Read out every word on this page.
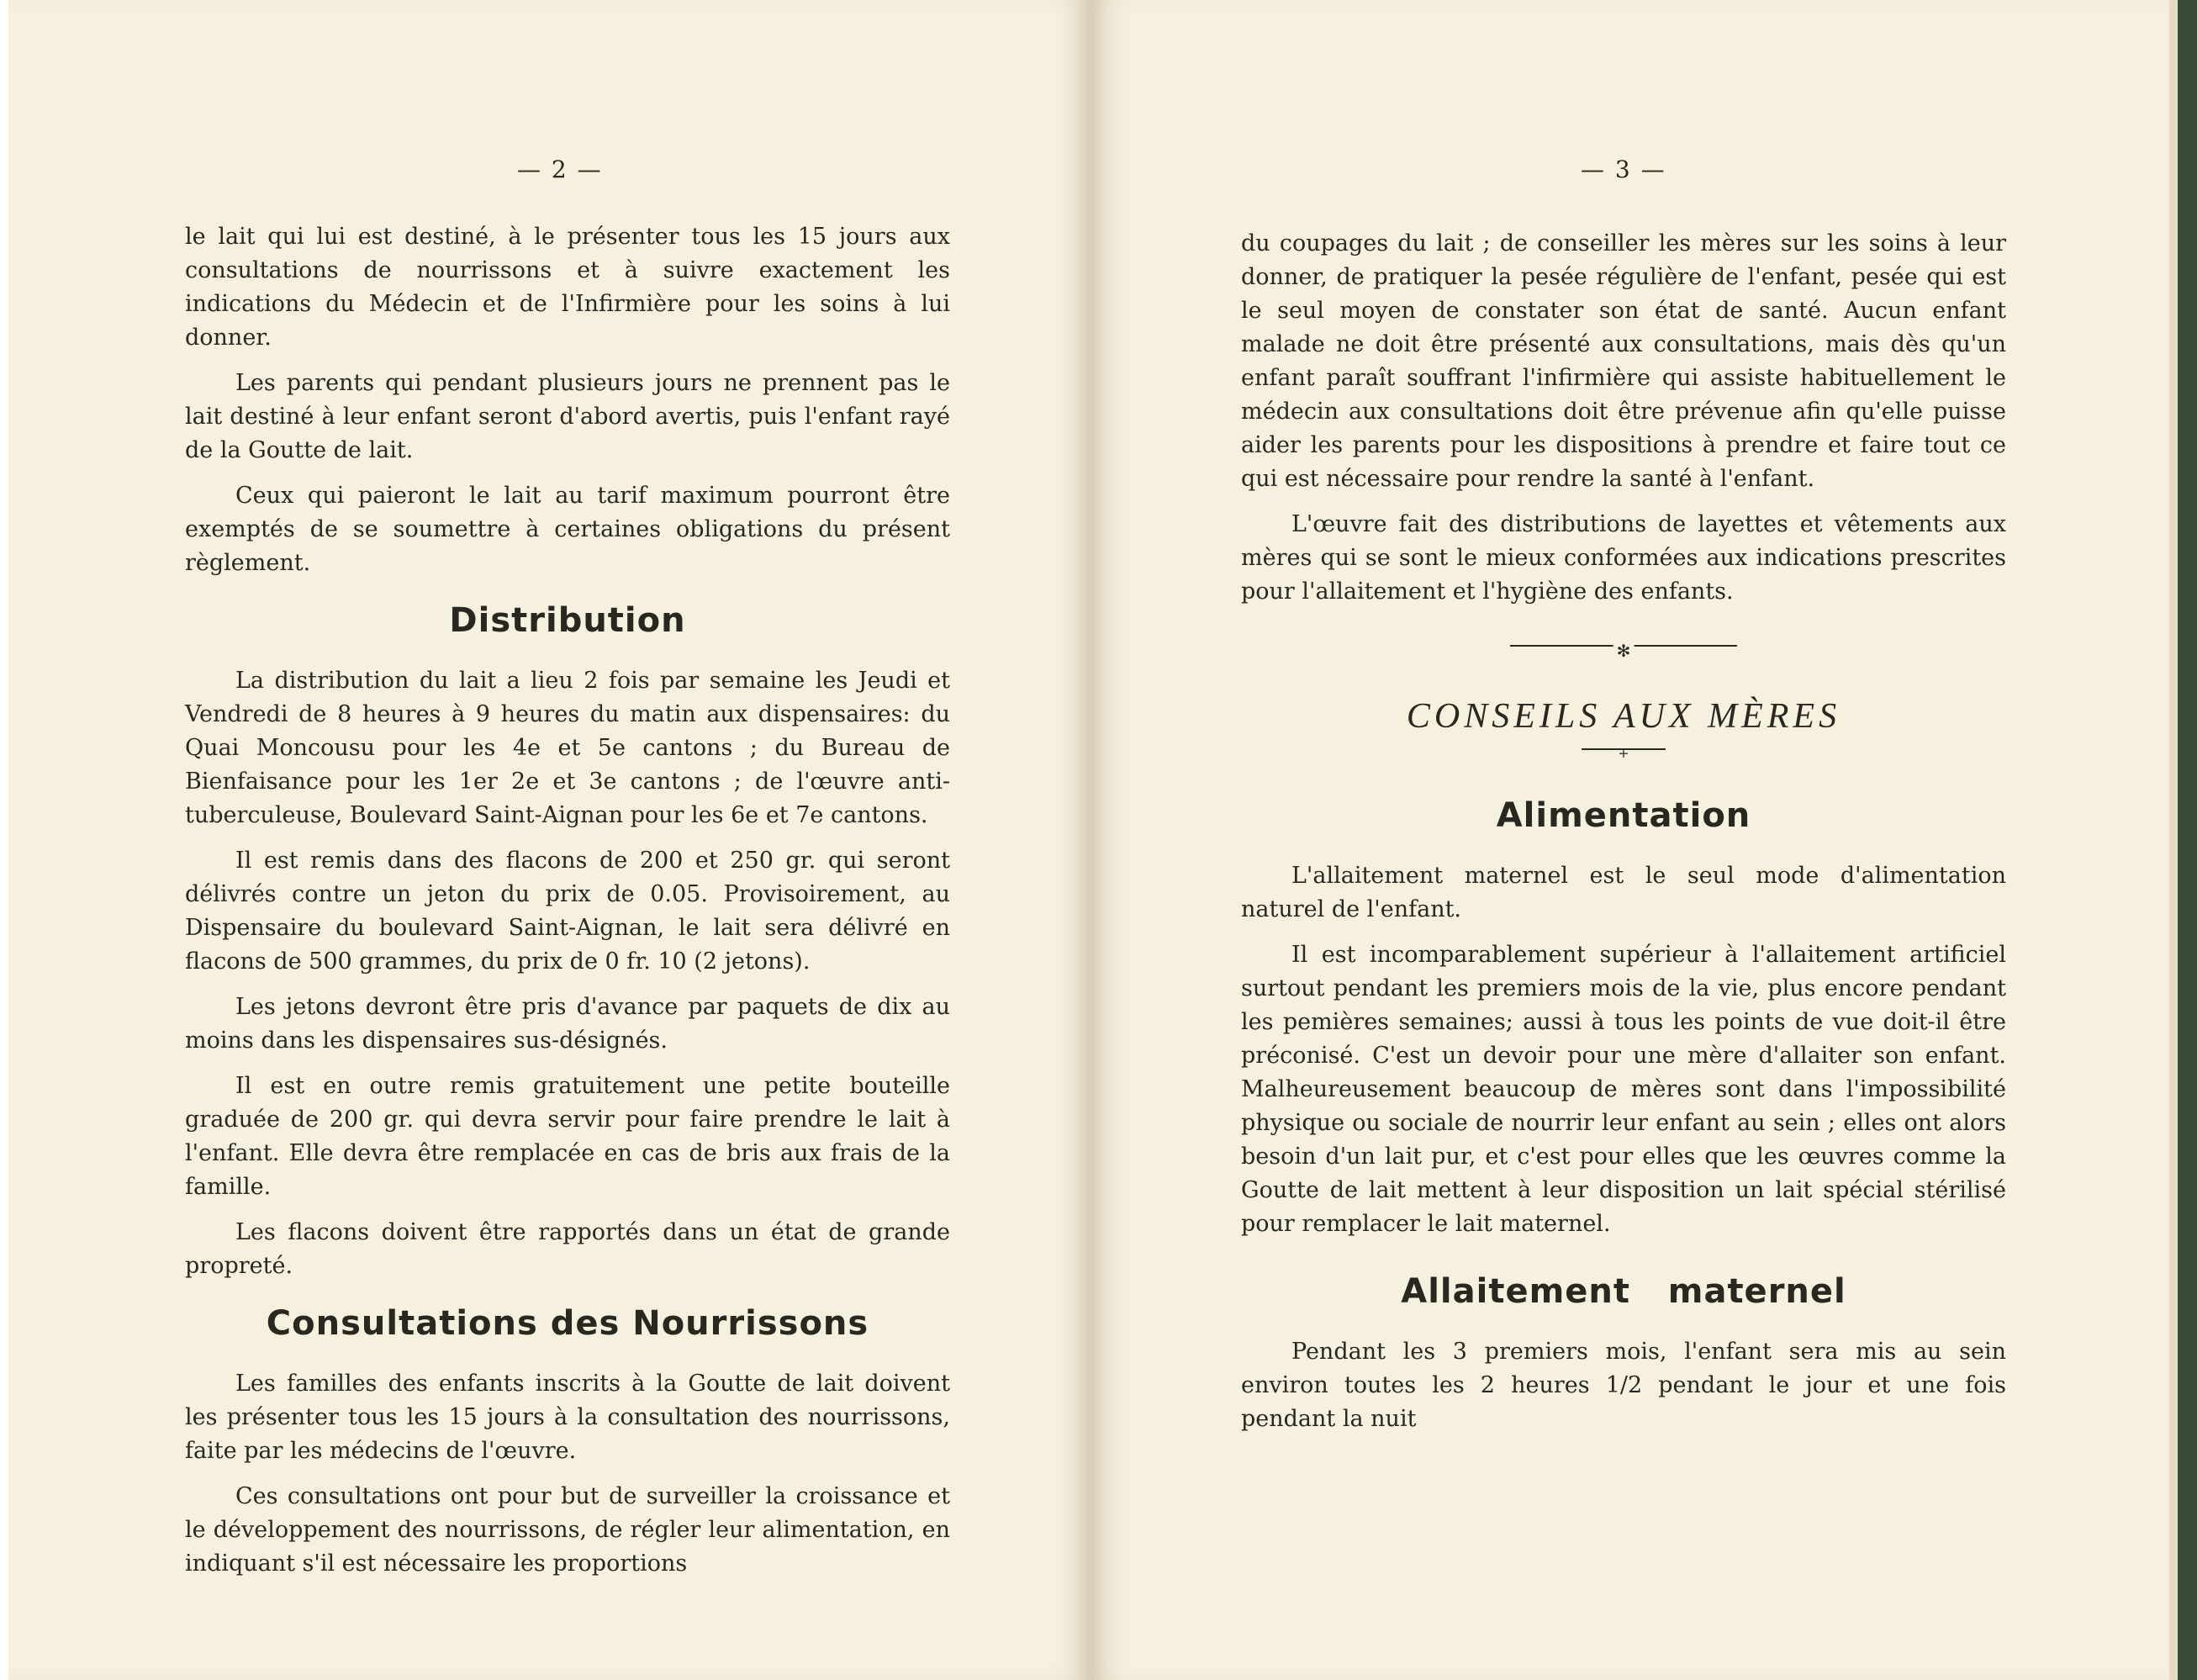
— 2 —

le lait qui lui est destiné, à le présenter tous les 15 jours aux consultations de nourrissons et à suivre exactement les indications du Médecin et de l'Infirmière pour les soins à lui donner.

Les parents qui pendant plusieurs jours ne prennent pas le lait destiné à leur enfant seront d'abord avertis, puis l'enfant rayé de la Goutte de lait.

Ceux qui paieront le lait au tarif maximum pourront être exemptés de se soumettre à certaines obligations du présent règlement.

Distribution

La distribution du lait a lieu 2 fois par semaine les Jeudi et Vendredi de 8 heures à 9 heures du matin aux dispensaires: du Quai Moncousu pour les 4e et 5e cantons ; du Bureau de Bienfaisance pour les 1er 2e et 3e cantons ; de l'œuvre anti-tuberculeuse, Boulevard Saint-Aignan pour les 6e et 7e cantons.

Il est remis dans des flacons de 200 et 250 gr. qui seront délivrés contre un jeton du prix de 0.05. Provisoirement, au Dispensaire du boulevard Saint-Aignan, le lait sera délivré en flacons de 500 grammes, du prix de 0 fr. 10 (2 jetons).

Les jetons devront être pris d'avance par paquets de dix au moins dans les dispensaires sus-désignés.

Il est en outre remis gratuitement une petite bouteille graduée de 200 gr. qui devra servir pour faire prendre le lait à l'enfant. Elle devra être remplacée en cas de bris aux frais de la famille.

Les flacons doivent être rapportés dans un état de grande propreté.

Consultations des Nourrissons

Les familles des enfants inscrits à la Goutte de lait doivent les présenter tous les 15 jours à la consultation des nourrissons, faite par les médecins de l'œuvre.

Ces consultations ont pour but de surveiller la croissance et le développement des nourrissons, de régler leur alimentation, en indiquant s'il est nécessaire les proportions

— 3 —

du coupages du lait ; de conseiller les mères sur les soins à leur donner, de pratiquer la pesée régulière de l'enfant, pesée qui est le seul moyen de constater son état de santé. Aucun enfant malade ne doit être présenté aux consultations, mais dès qu'un enfant paraît souffrant l'infirmière qui assiste habituellement le médecin aux consultations doit être prévenue afin qu'elle puisse aider les parents pour les dispositions à prendre et faire tout ce qui est nécessaire pour rendre la santé à l'enfant.

L'œuvre fait des distributions de layettes et vêtements aux mères qui se sont le mieux conformées aux indications prescrites pour l'allaitement et l'hygiène des enfants.

✻
CONSEILS AUX MÈRES
+
Alimentation

L'allaitement maternel est le seul mode d'alimentation naturel de l'enfant.

Il est incomparablement supérieur à l'allaitement artificiel surtout pendant les premiers mois de la vie, plus encore pendant les pemières semaines; aussi à tous les points de vue doit-il être préconisé. C'est un devoir pour une mère d'allaiter son enfant. Malheureusement beaucoup de mères sont dans l'impossibilité physique ou sociale de nourrir leur enfant au sein ; elles ont alors besoin d'un lait pur, et c'est pour elles que les œuvres comme la Goutte de lait mettent à leur disposition un lait spécial stérilisé pour remplacer le lait maternel.

Allaitement   maternel

Pendant les 3 premiers mois, l'enfant sera mis au sein environ toutes les 2 heures 1/2 pendant le jour et une fois pendant la nuit
